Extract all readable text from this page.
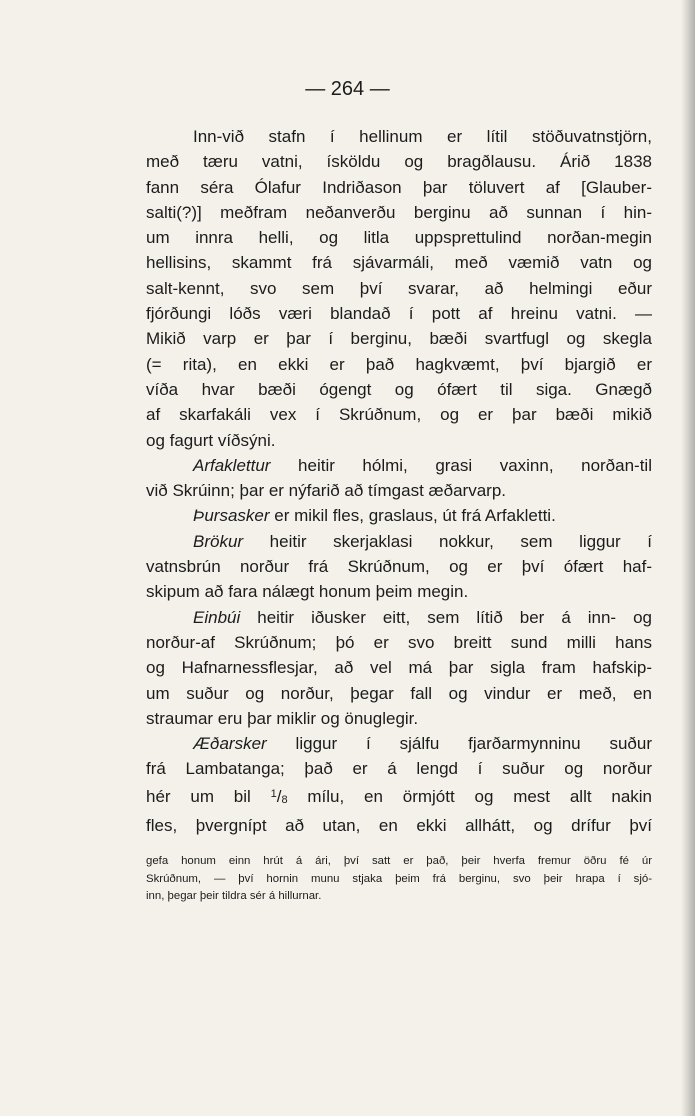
— 264 —
Inn-við stafn í hellinum er lítil stöðuvatnstjörn,
með tæru vatni, ísköldu og bragðlausu. Árið 1838
fann séra Ólafur Indriðason þar töluvert af [Glauber-
salti(?)] meðfram neðanverðu berginu að sunnan í hin-
um innra helli, og litla uppsprettulind norðan-megin
hellisins, skammt frá sjávarmáli, með væmið vatn og
salt-kennt, svo sem því svarar, að helmingi eður
fjórðungi lóðs væri blandað í pott af hreinu vatni. —
Mikið varp er þar í berginu, bæði svartfugl og skegla
(= rita), en ekki er það hagkvæmt, því bjargið er
víða hvar bæði ógengt og ófært til siga. Gnægð
af skarfakáli vex í Skrúðnum, og er þar bæði mikið
og fagurt víðsýni.
Arfaklettur heitir hólmi, grasi vaxinn, norðan-til
við Skrúinn; þar er nýfarið að tímgast æðarvarp.
Þursasker er mikil fles, graslaus, út frá Arfakletti.
Brökur heitir skerjaklasi nokkur, sem liggur í
vatnsbrún norður frá Skrúðnum, og er því ófært haf-
skipum að fara nálægt honum þeim megin.
Einbúi heitir iðusker eitt, sem lítið ber á inn- og
norður-af Skrúðnum; þó er svo breitt sund milli hans
og Hafnarnessflesjar, að vel má þar sigla fram hafskip-
um suður og norður, þegar fall og vindur er með, en
straumar eru þar miklir og önuglegir.
Æðarsker liggur í sjálfu fjarðarmynninu suður
frá Lambatanga; það er á lengd í suður og norður
hér um bil $^1/_8$ mílu, en örmjótt og mest allt nakin
fles, þvergnípt að utan, en ekki allhátt, og drífur því
gefa honum einn hrút á ári, því satt er það, þeir hverfa fremur öðru fé úr
Skrúðnum, — því hornin munu stjaka þeim frá berginu, svo þeir hrapa í sjó-
inn, þegar þeir tildra sér á hillurnar.
